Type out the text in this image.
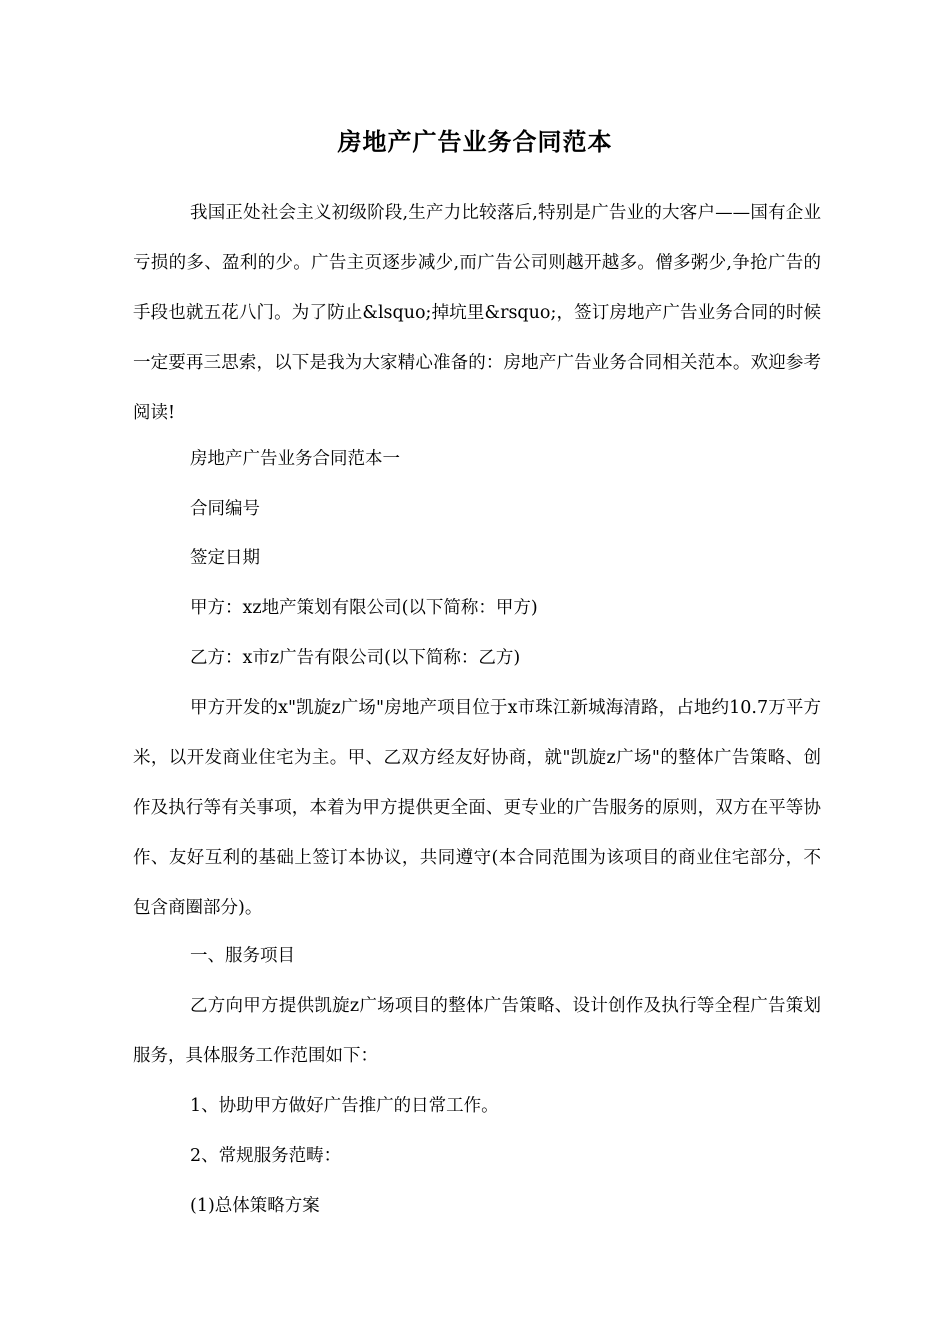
房地产广告业务合同范本

我国正处社会主义初级阶段,生产力比较落后,特别是广告业的大客户——国有企业亏损的多、盈利的少。广告主页逐步减少,而广告公司则越开越多。僧多粥少,争抢广告的手段也就五花八门。为了防止&lsquo;掉坑里&rsquo;，签订房地产广告业务合同的时候一定要再三思索，以下是我为大家精心准备的：房地产广告业务合同相关范本。欢迎参考阅读!

房地产广告业务合同范本一
合同编号
签定日期
甲方：xz地产策划有限公司(以下简称：甲方)
乙方：x市z广告有限公司(以下简称：乙方)

甲方开发的x"凯旋z广场"房地产项目位于x市珠江新城海清路，占地约10.7万平方米，以开发商业住宅为主。甲、乙双方经友好协商，就"凯旋z广场"的整体广告策略、创作及执行等有关事项，本着为甲方提供更全面、更专业的广告服务的原则，双方在平等协作、友好互利的基础上签订本协议，共同遵守(本合同范围为该项目的商业住宅部分，不包含商圈部分)。

一、服务项目

乙方向甲方提供凯旋z广场项目的整体广告策略、设计创作及执行等全程广告策划服务，具体服务工作范围如下：

1、协助甲方做好广告推广的日常工作。
2、常规服务范畴：
(1)总体策略方案
